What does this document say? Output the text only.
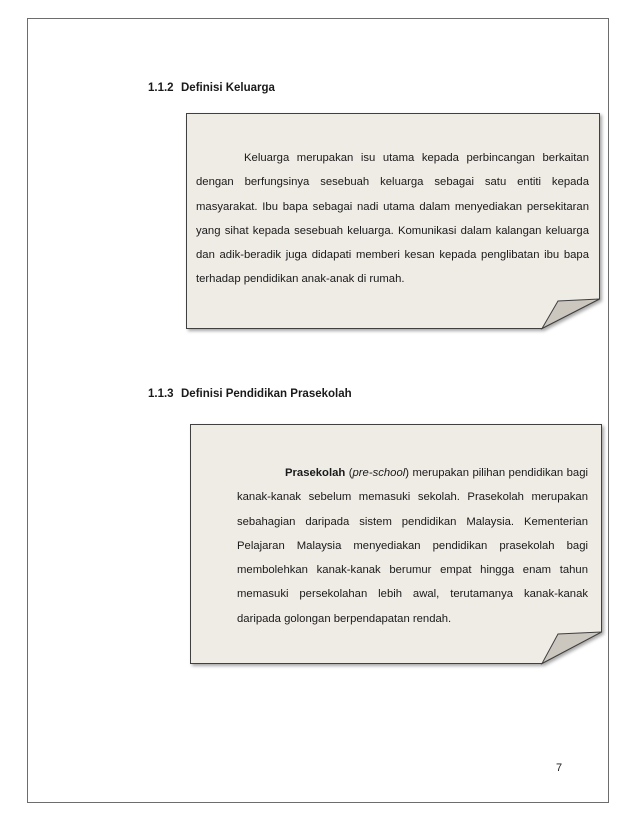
1.1.2 Definisi Keluarga

Keluarga merupakan isu utama kepada perbincangan berkaitan dengan berfungsinya sesebuah keluarga sebagai satu entiti kepada masyarakat. Ibu bapa sebagai nadi utama dalam menyediakan persekitaran yang sihat kepada sesebuah keluarga. Komunikasi dalam kalangan keluarga dan adik-beradik juga didapati memberi kesan kepada penglibatan ibu bapa terhadap pendidikan anak-anak di rumah.

1.1.3 Definisi Pendidikan Prasekolah

Prasekolah (pre-school) merupakan pilihan pendidikan bagi kanak-kanak sebelum memasuki sekolah. Prasekolah merupakan sebahagian daripada sistem pendidikan Malaysia. Kementerian Pelajaran Malaysia menyediakan pendidikan prasekolah bagi membolehkan kanak-kanak berumur empat hingga enam tahun memasuki persekolahan lebih awal, terutamanya kanak-kanak daripada golongan berpendapatan rendah.

7
